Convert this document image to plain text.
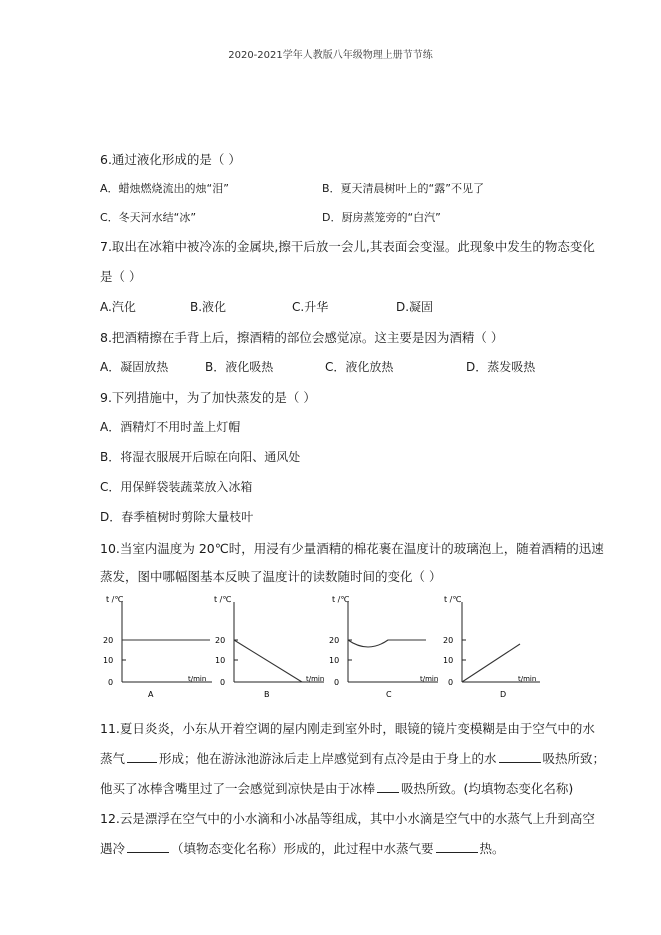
2020-2021学年人教版八年级物理上册节节练
6.通过液化形成的是（ ）
A．蜡烛燃烧流出的烛“泪”	B．夏天清晨树叶上的“露”不见了
C．冬天河水结“冰”	D．厨房蒸笼旁的“白汽”
7.取出在冰箱中被冷冻的金属块,擦干后放一会儿,其表面会变湿。此现象中发生的物态变化
是（ ）
A.汽化	B.液化	C.升华	D.凝固
8.把酒精擦在手背上后，擦酒精的部位会感觉凉。这主要是因为酒精（ ）
A．凝固放热	B．液化吸热	C．液化放热	D．蒸发吸热
9.下列措施中，为了加快蒸发的是（ ）
A．酒精灯不用时盖上灯帽
B．将湿衣服展开后晾在向阳、通风处
C．用保鲜袋装蔬菜放入冰箱
D．春季植树时剪除大量枝叶
10.当室内温度为 20℃时，用浸有少量酒精的棉花裹在温度计的玻璃泡上，随着酒精的迅速
蒸发，图中哪幅图基本反映了温度计的读数随时间的变化（ ）
t /℃
20
10
0	t/min
A
t /℃
20
10
0	t/min
B
t /℃
20
10
0	t/min
C
t /℃
20
10
0	t/min
D
11.夏日炎炎，小东从开着空调的屋内刚走到室外时，眼镜的镜片变模糊是由于空气中的水
蒸气	形成；他在游泳池游泳后走上岸感觉到有点冷是由于身上的水	吸热所致；
他买了冰棒含嘴里过了一会感觉到凉快是由于冰棒 吸热所致。(均填物态变化名称)
12.云是漂浮在空气中的小水滴和小冰晶等组成，其中小水滴是空气中的水蒸气上升到高空
遇冷	（填物态变化名称）形成的，此过程中水蒸气要	热。
